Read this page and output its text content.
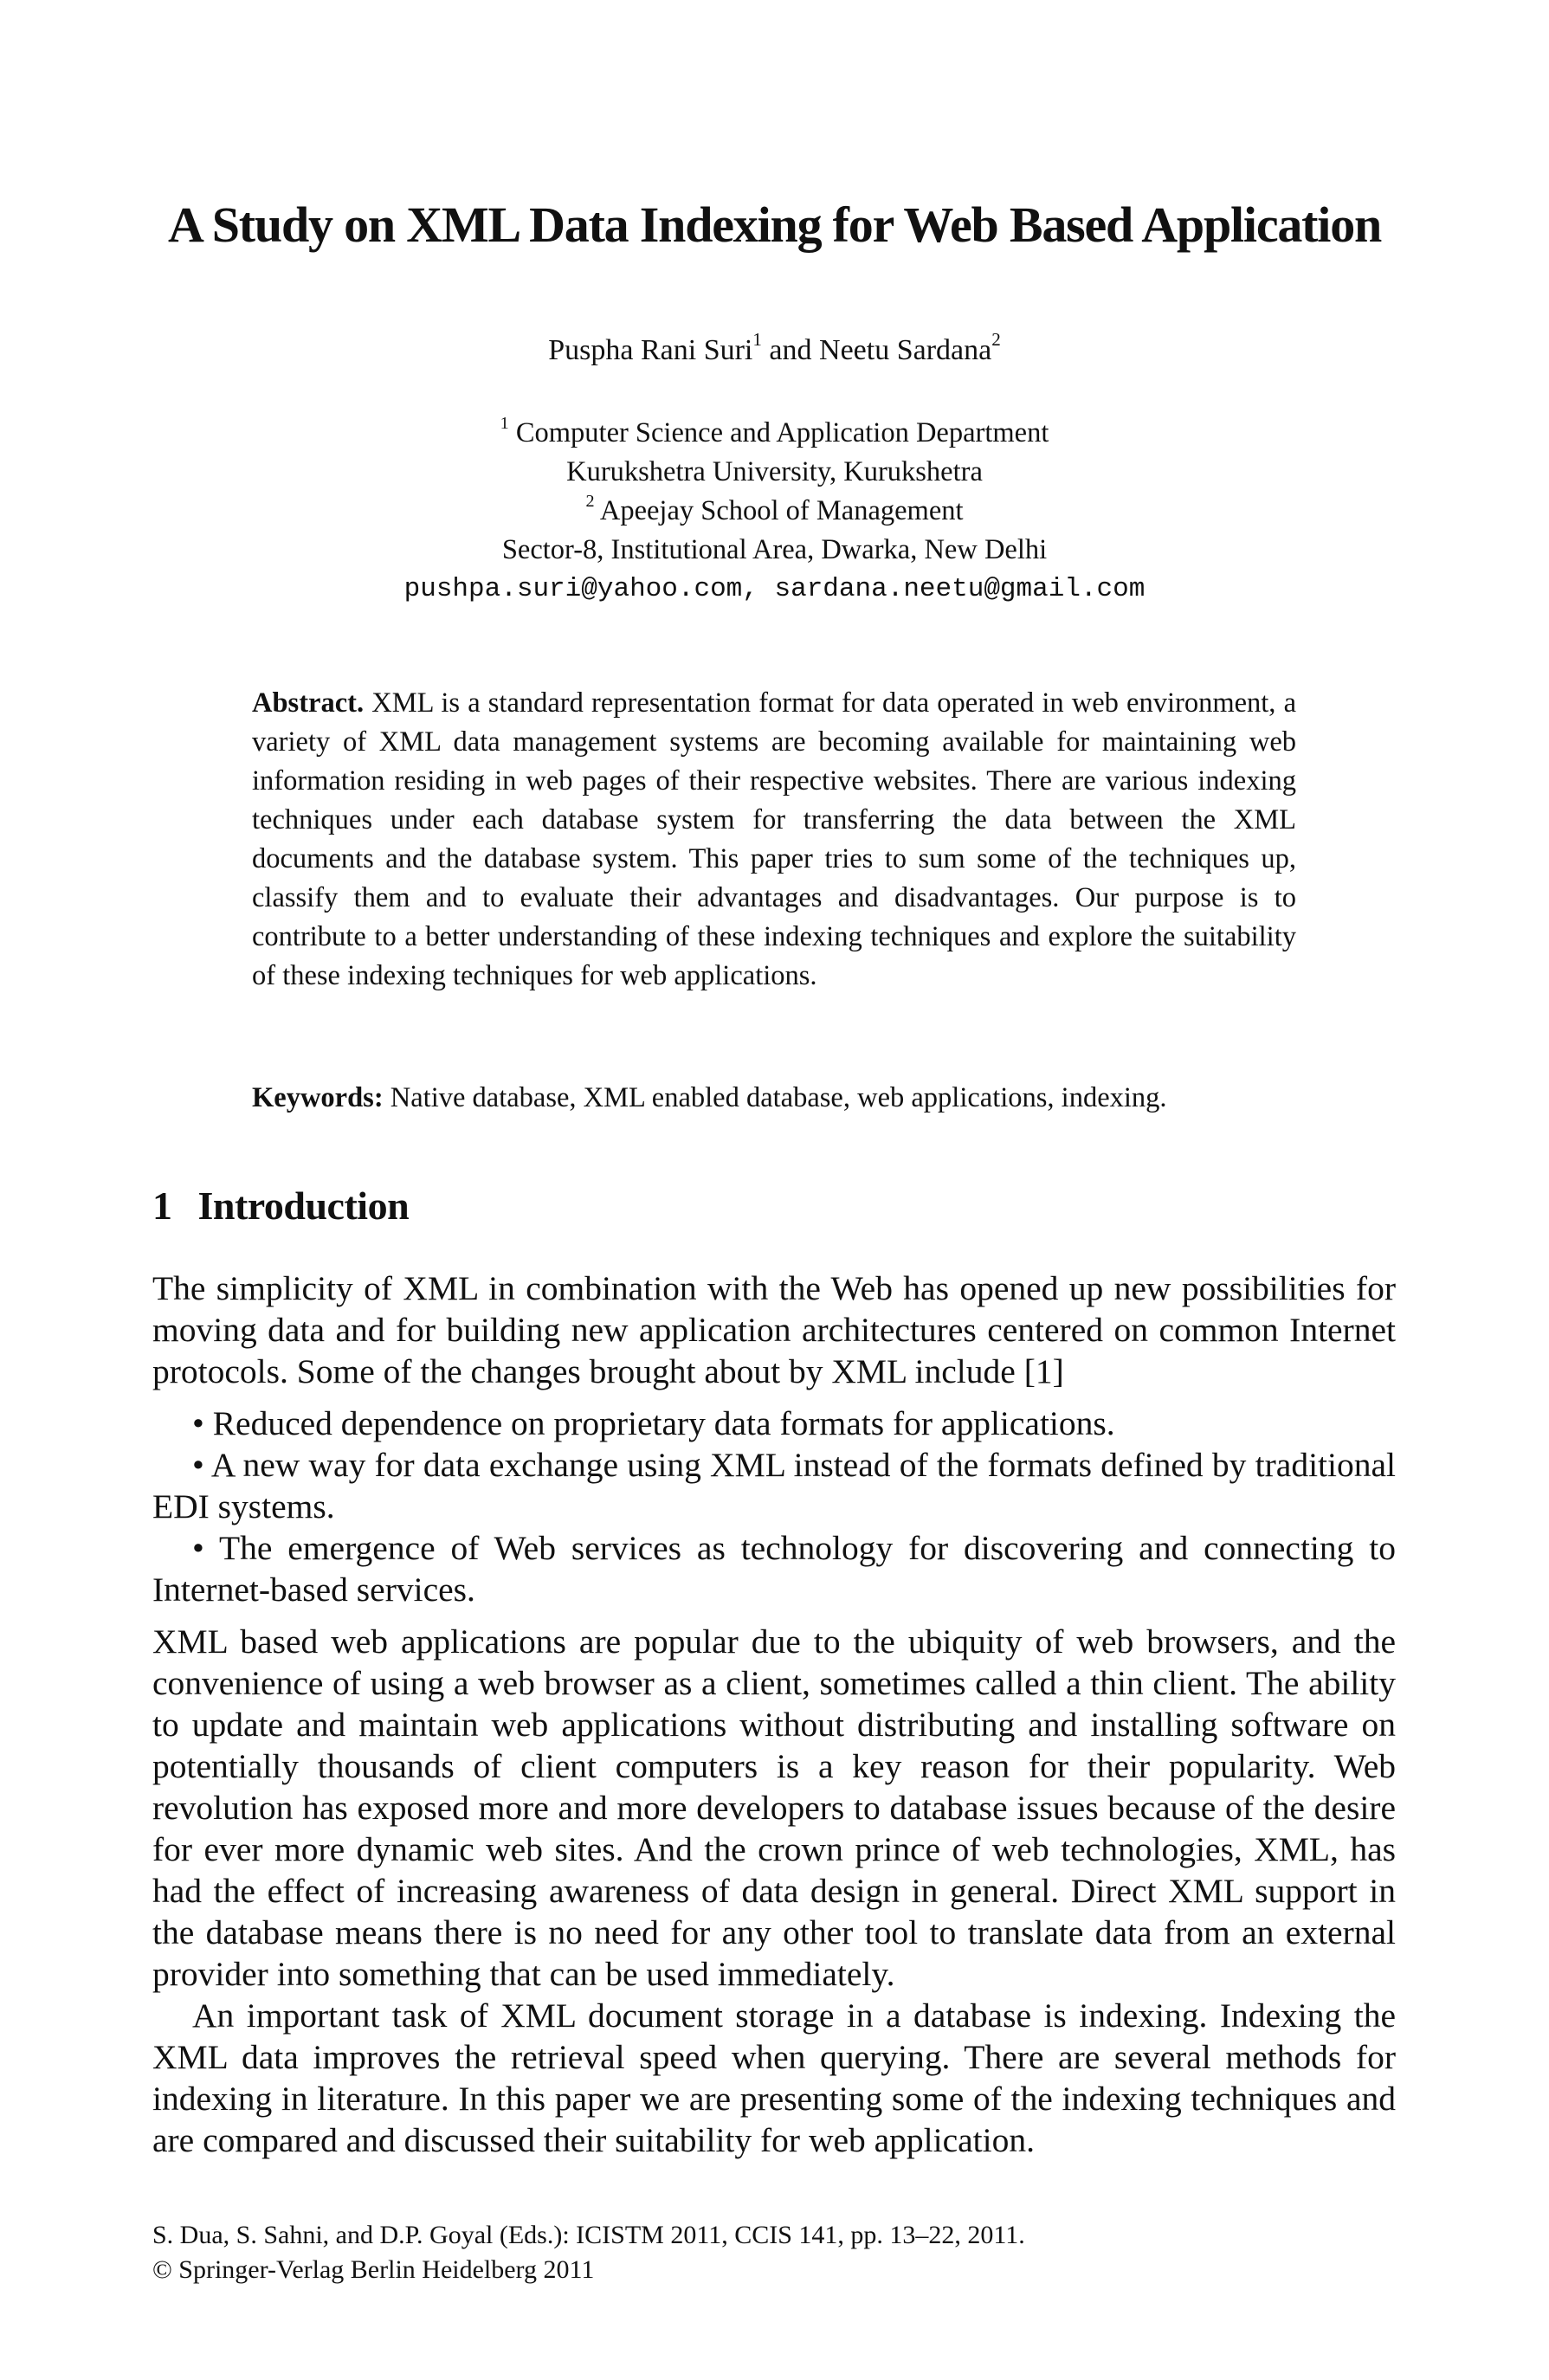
A Study on XML Data Indexing for Web Based Application
Puspha Rani Suri$^1$ and Neetu Sardana$^2$
$^1$ Computer Science and Application Department
Kurukshetra University, Kurukshetra
$^2$ Apeejay School of Management
Sector-8, Institutional Area, Dwarka, New Delhi
pushpa.suri@yahoo.com, sardana.neetu@gmail.com
Abstract. XML is a standard representation format for data operated in web environment, a variety of XML data management systems are becoming available for maintaining web information residing in web pages of their respective websites. There are various indexing techniques under each database system for transferring the data between the XML documents and the database system. This paper tries to sum some of the techniques up, classify them and to evaluate their advantages and disadvantages. Our purpose is to contribute to a better understanding of these indexing techniques and explore the suitability of these indexing techniques for web applications.
Keywords: Native database, XML enabled database, web applications, indexing.
1 Introduction

The simplicity of XML in combination with the Web has opened up new possibilities for moving data and for building new application architectures centered on common Internet protocols. Some of the changes brought about by XML include [1]

• Reduced dependence on proprietary data formats for applications.

• A new way for data exchange using XML instead of the formats defined by traditional EDI systems.

• The emergence of Web services as technology for discovering and connecting to Internet-based services.

XML based web applications are popular due to the ubiquity of web browsers, and the convenience of using a web browser as a client, sometimes called a thin client. The ability to update and maintain web applications without distributing and installing software on potentially thousands of client computers is a key reason for their popularity. Web revolution has exposed more and more developers to database issues because of the desire for ever more dynamic web sites. And the crown prince of web technologies, XML, has had the effect of increasing awareness of data design in general. Direct XML support in the database means there is no need for any other tool to translate data from an external provider into something that can be used immediately.

An important task of XML document storage in a database is indexing. Indexing the XML data improves the retrieval speed when querying. There are several methods for indexing in literature. In this paper we are presenting some of the indexing techniques and are compared and discussed their suitability for web application.

S. Dua, S. Sahni, and D.P. Goyal (Eds.): ICISTM 2011, CCIS 141, pp. 13–22, 2011.
© Springer-Verlag Berlin Heidelberg 2011
